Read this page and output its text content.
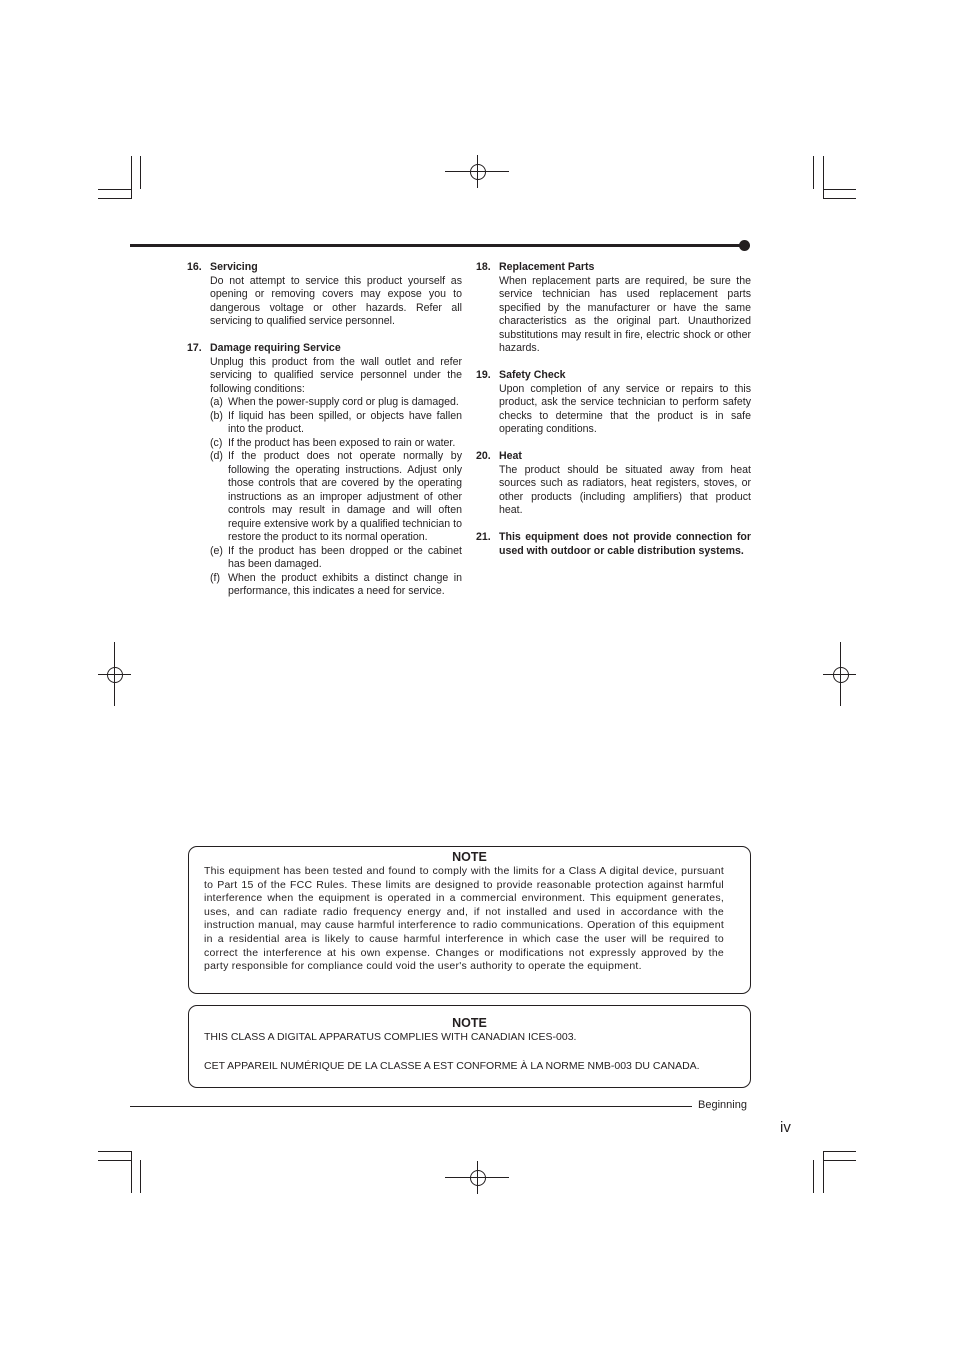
16. Servicing
Do not attempt to service this product yourself as opening or removing covers may expose you to dangerous voltage or other hazards. Refer all servicing to qualified service personnel.
17. Damage requiring Service
Unplug this product from the wall outlet and refer servicing to qualified service personnel under the following conditions:
(a) When the power-supply cord or plug is damaged.
(b) If liquid has been spilled, or objects have fallen into the product.
(c) If the product has been exposed to rain or water.
(d) If the product does not operate normally by following the operating instructions. Adjust only those controls that are covered by the operating instructions as an improper adjustment of other controls may result in damage and will often require extensive work by a qualified technician to restore the product to its normal operation.
(e) If the product has been dropped or the cabinet has been damaged.
(f) When the product exhibits a distinct change in performance, this indicates a need for service.
18. Replacement Parts
When replacement parts are required, be sure the service technician has used replacement parts specified by the manufacturer or have the same characteristics as the original part. Unauthorized substitutions may result in fire, electric shock or other hazards.
19. Safety Check
Upon completion of any service or repairs to this product, ask the service technician to perform safety checks to determine that the product is in safe operating conditions.
20. Heat
The product should be situated away from heat sources such as radiators, heat registers, stoves, or other products (including amplifiers) that product heat.
21. This equipment does not provide connection for used with outdoor or cable distribution systems.
NOTE
This equipment has been tested and found to comply with the limits for a Class A digital device, pursuant to Part 15 of the FCC Rules. These limits are designed to provide reasonable protection against harmful interference when the equipment is operated in a commercial environment. This equipment generates, uses, and can radiate radio frequency energy and, if not installed and used in accordance with the instruction manual, may cause harmful interference to radio communications. Operation of this equipment in a residential area is likely to cause harmful interference in which case the user will be required to correct the interference at his own expense. Changes or modifications not expressly approved by the party responsible for compliance could void the user's authority to operate the equipment.
NOTE
THIS CLASS A DIGITAL APPARATUS COMPLIES WITH CANADIAN ICES-003.
CET APPAREIL NUMÉRIQUE DE LA CLASSE A EST CONFORME À LA NORME NMB-003 DU CANADA.
Beginning
iv
